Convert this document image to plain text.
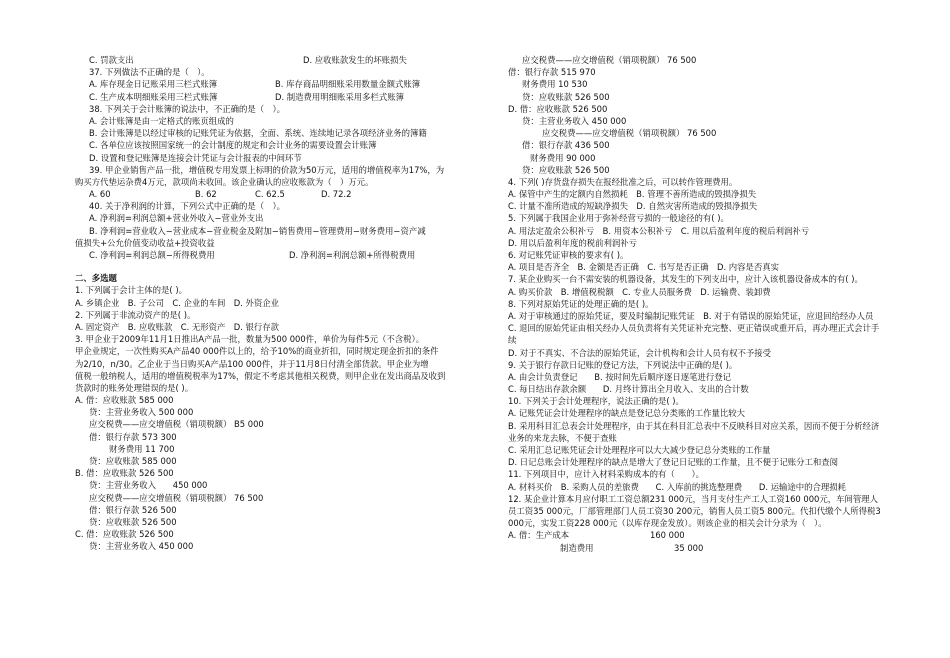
C. 罚款支出	D. 应收账款发生的坏账损失
37. 下列做法不正确的是（　）。
A. 库存现金日记账采用三栏式账簿	B. 库存商品明细账采用数量金额式账簿
C. 生产成本明细账采用三栏式账簿	D. 制造费用明细账采用多栏式账簿
38. 下列关于会计账簿的说法中，不正确的是（　）。
A. 会计账簿是由一定格式的账页组成的
B. 会计账簿是以经过审核的记账凭证为依据，全面、系统、连续地记录各项经济业务的簿籍
C. 各单位应该按照国家统一的会计制度的规定和会计业务的需要设置会计账簿
D. 设置和登记账簿是连接会计凭证与会计报表的中间环节
39. 甲企业销售产品一批，增值税专用发票上标明的价款为50万元，适用的增值税率为17%，为
购买方代垫运杂费4万元，款项尚未收回。该企业确认的应收账款为（　）万元。
A. 60	B. 62	C. 62.5	D. 72.2
40. 关于净利润的计算，下列公式中正确的是（　）。
A. 净利润=利润总额+营业外收入−营业外支出
B. 净利润=营业收入−营业成本−营业税金及附加−销售费用−管理费用−财务费用−资产减
值损失+公允价值变动收益+投资收益
C. 净利润=利润总额−所得税费用	D. 净利润=利润总额+所得税费用
二、多选题
1. 下列属于会计主体的是( )。
A. 乡镇企业　B. 子公司　C. 企业的车间　D. 外资企业
2. 下列属于非流动资产的是( )。
A. 固定资产　B. 应收账款　C. 无形资产　D. 银行存款
3. 甲企业于2009年11月1日推出A产品一批，数量为500 000件，单价为每件5元（不含税）。
甲企业规定，一次性购买A产品40 000件以上的，给予10%的商业折扣，同时规定现金折扣的条件
为2/10，n/30。乙企业于当日购买A产品100 000件，并于11月8日付清全部货款。甲企业为增
值税一般纳税人，适用的增值税税率为17%，假定不考虑其他相关税费，则甲企业在发出商品及收到
货款时的账务处理错误的是( )。
A. 借：应收账款 585 000
贷：主营业务收入 500 000
应交税费——应交增值税（销项税额） B5 000
借：银行存款 573 300
财务费用 11 700
贷：应收账款 585 000
B. 借：应收账款 526 500
贷：主营业务收入　　450 000
应交税费——应交增值税（销项税额） 76 500
借：银行存款 526 500
贷：应收账款 526 500
C. 借：应收账款 526 500
贷：主营业务收入 450 000
应交税费——应交增值税（销项税额） 76 500
借：银行存款 515 970
财务费用 10 530
贷：应收账款 526 500
D. 借：应收账款 526 500
贷：主营业务收入 450 000
应交税费——应交增值税（销项税额） 76 500
借：银行存款 436 500
财务费用 90 000
贷：应收账款 526 500
4. 下列( )存货盘存损失在报经批准之后，可以转作管理费用。
A. 保管中产生的定额内自然损耗　B. 管理不善所造成的毁损净损失
C. 计量不准所造成的短缺净损失　D. 自然灾害所造成的毁损净损失
5. 下列属于我国企业用于弥补经营亏损的一般途径的有( )。
A. 用法定盈余公积补亏　B. 用资本公积补亏　C. 用以后盈利年度的税后利润补亏
D. 用以后盈利年度的税前利润补亏
6. 对记账凭证审核的要求有( )。
A. 项目是否齐全　B. 金额是否正确　C. 书写是否正确　D. 内容是否真实
7. 某企业购买一台不需安装的机器设备，其发生的下列支出中，应计入该机器设备成本的有( )。
A. 购买价款　B. 增值税税额　C. 专业人员服务费　D. 运输费、装卸费
8. 下列对原始凭证的处理正确的是( )。
A. 对于审核通过的原始凭证，要及时编制记账凭证　B. 对于有错误的原始凭证，应退回给经办人员
C. 退回的原始凭证由相关经办人员负责将有关凭证补充完整、更正错误或重开后，再办理正式会计手
续
D. 对于不真实、不合法的原始凭证，会计机构和会计人员有权不予接受
9. 关于银行存款日记账的登记方法，下列说法中正确的是( )。
A. 由会计负责登记　　B. 按时间先后顺序逐日逐笔进行登记
C. 每日结出存款余额　　D. 月终计算出全月收入、支出的合计数
10. 下列关于会计处理程序，说法正确的是( )。
A. 记账凭证会计处理程序的缺点是登记总分类账的工作量比较大
B. 采用科目汇总表会计处理程序，由于其在科目汇总表中不反映科目对应关系，因而不便于分析经济
业务的来龙去脉，不便于查账
C. 采用汇总记账凭证会计处理程序可以大大减少登记总分类账的工作量
D. 日记总账会计处理程序的缺点是增大了登记日记账的工作量，且不便于记账分工和查阅
11. 下列项目中，应计入材料采购成本的有（　　）。
A. 材料买价　B. 采购人员的差旅费　　C. 入库前的挑选整理费　　D. 运输途中的合理损耗
12. 某企业计算本月应付职工工资总额231 000元，当月支付生产工人工资160 000元，车间管理人
员工资35 000元，厂部管理部门人员工资30 200元，销售人员工资5 800元。代扣代缴个人所得税3
000元，实发工资228 000元（以库存现金发放）。则该企业的相关会计分录为（　）。
A. 借：生产成本	160 000
制造费用	35 000
